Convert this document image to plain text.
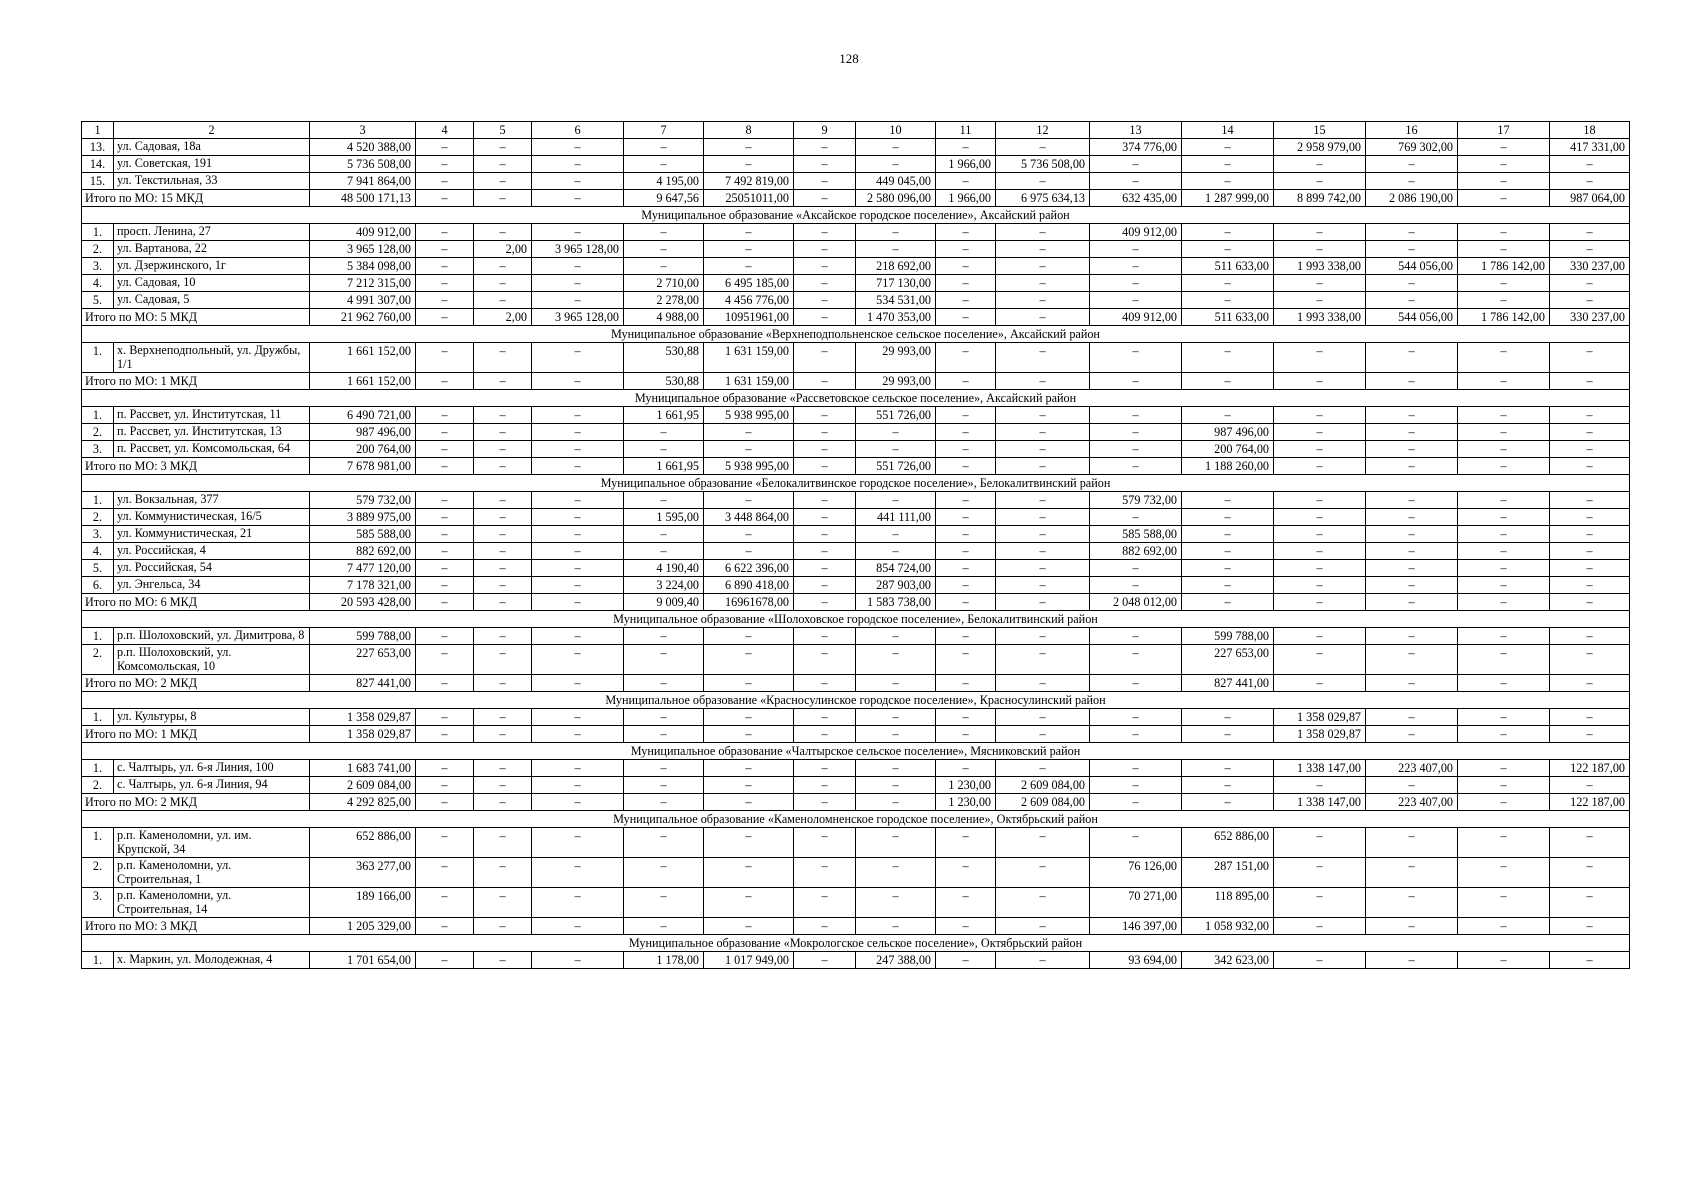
128
1	2	3	4	5	6	7	8	9	10	11	12	13	14	15	16	17	18
13.	ул. Садовая, 18а	4 520 388,00	–	–	–	–	–	–	–	–	–	374 776,00	–	2 958 979,00	769 302,00	–	417 331,00
14.	ул. Советская, 191	5 736 508,00	–	–	–	–	–	–	–	1 966,00	5 736 508,00	–	–	–	–	–	–
15.	ул. Текстильная, 33	7 941 864,00	–	–	–	4 195,00	7 492 819,00	–	449 045,00	–	–	–	–	–	–	–	–
Итого по МО: 15 МКД		48 500 171,13	–	–	–	9 647,56	25051011,00	–	2 580 096,00	1 966,00	6 975 634,13	632 435,00	1 287 999,00	8 899 742,00	2 086 190,00	–	987 064,00
Муниципальное образование «Аксайское городское поселение», Аксайский район																	
1.	просп. Ленина, 27	409 912,00	–	–	–	–	–	–	–	–	–	409 912,00	–	–	–	–	–
2.	ул. Вартанова, 22	3 965 128,00	–	2,00	3 965 128,00	–	–	–	–	–	–	–	–	–	–	–	–
3.	ул. Дзержинского, 1г	5 384 098,00	–	–	–	–	–	–	218 692,00	–	–	–	511 633,00	1 993 338,00	544 056,00	1 786 142,00	330 237,00
4.	ул. Садовая, 10	7 212 315,00	–	–	–	2 710,00	6 495 185,00	–	717 130,00	–	–	–	–	–	–	–	–
5.	ул. Садовая, 5	4 991 307,00	–	–	–	2 278,00	4 456 776,00	–	534 531,00	–	–	–	–	–	–	–	–
Итого по МО: 5 МКД		21 962 760,00	–	2,00	3 965 128,00	4 988,00	10951961,00	–	1 470 353,00	–	–	409 912,00	511 633,00	1 993 338,00	544 056,00	1 786 142,00	330 237,00
Муниципальное образование «Верхнеподпольненское сельское поселение», Аксайский район																	
1.	х. Верхнеподпольный, ул. Дружбы, 1/1	1 661 152,00	–	–	–	530,88	1 631 159,00	–	29 993,00	–	–	–	–	–	–	–	–
Итого по МО: 1 МКД		1 661 152,00	–	–	–	530,88	1 631 159,00	–	29 993,00	–	–	–	–	–	–	–	–
Муниципальное образование «Рассветовское сельское поселение», Аксайский район																	
1.	п. Рассвет, ул. Институтская, 11	6 490 721,00	–	–	–	1 661,95	5 938 995,00	–	551 726,00	–	–	–	–	–	–	–	–
2.	п. Рассвет, ул. Институтская, 13	987 496,00	–	–	–	–	–	–	–	–	–	–	987 496,00	–	–	–	–
3.	п. Рассвет, ул. Комсомольская, 64	200 764,00	–	–	–	–	–	–	–	–	–	–	200 764,00	–	–	–	–
Итого по МО: 3 МКД		7 678 981,00	–	–	–	1 661,95	5 938 995,00	–	551 726,00	–	–	–	1 188 260,00	–	–	–	–
Муниципальное образование «Белокалитвинское городское поселение», Белокалитвинский район																	
1.	ул. Вокзальная, 377	579 732,00	–	–	–	–	–	–	–	–	–	579 732,00	–	–	–	–	–
2.	ул. Коммунистическая, 16/5	3 889 975,00	–	–	–	1 595,00	3 448 864,00	–	441 111,00	–	–	–	–	–	–	–	–
3.	ул. Коммунистическая, 21	585 588,00	–	–	–	–	–	–	–	–	–	585 588,00	–	–	–	–	–
4.	ул. Российская, 4	882 692,00	–	–	–	–	–	–	–	–	–	882 692,00	–	–	–	–	–
5.	ул. Российская, 54	7 477 120,00	–	–	–	4 190,40	6 622 396,00	–	854 724,00	–	–	–	–	–	–	–	–
6.	ул. Энгельса, 34	7 178 321,00	–	–	–	3 224,00	6 890 418,00	–	287 903,00	–	–	–	–	–	–	–	–
Итого по МО: 6 МКД		20 593 428,00	–	–	–	9 009,40	16961678,00	–	1 583 738,00	–	–	2 048 012,00	–	–	–	–	–
Муниципальное образование «Шолоховское городское поселение», Белокалитвинский район																	
1.	р.п. Шолоховский, ул. Димитрова, 8	599 788,00	–	–	–	–	–	–	–	–	–	–	599 788,00	–	–	–	–
2.	р.п. Шолоховский, ул. Комсомольская, 10	227 653,00	–	–	–	–	–	–	–	–	–	–	227 653,00	–	–	–	–
Итого по МО: 2 МКД		827 441,00	–	–	–	–	–	–	–	–	–	–	827 441,00	–	–	–	–
Муниципальное образование «Красносулинское городское поселение», Красносулинский район																	
1.	ул. Культуры, 8	1 358 029,87	–	–	–	–	–	–	–	–	–	–	–	1 358 029,87	–	–	–
Итого по МО: 1 МКД		1 358 029,87	–	–	–	–	–	–	–	–	–	–	–	1 358 029,87	–	–	–
Муниципальное образование «Чалтырское сельское поселение», Мясниковский район																	
1.	с. Чалтырь, ул. 6-я Линия, 100	1 683 741,00	–	–	–	–	–	–	–	–	–	–	–	1 338 147,00	223 407,00	–	122 187,00
2.	с. Чалтырь, ул. 6-я Линия, 94	2 609 084,00	–	–	–	–	–	–	–	1 230,00	2 609 084,00	–	–	–	–	–	–
Итого по МО: 2 МКД		4 292 825,00	–	–	–	–	–	–	–	1 230,00	2 609 084,00	–	–	1 338 147,00	223 407,00	–	122 187,00
Муниципальное образование «Каменоломненское городское поселение», Октябрьский район																	
1.	р.п. Каменоломни, ул. им. Крупской, 34	652 886,00	–	–	–	–	–	–	–	–	–	–	652 886,00	–	–	–	–
2.	р.п. Каменоломни, ул. Строительная, 1	363 277,00	–	–	–	–	–	–	–	–	–	76 126,00	287 151,00	–	–	–	–
3.	р.п. Каменоломни, ул. Строительная, 14	189 166,00	–	–	–	–	–	–	–	–	–	70 271,00	118 895,00	–	–	–	–
Итого по МО: 3 МКД		1 205 329,00	–	–	–	–	–	–	–	–	–	146 397,00	1 058 932,00	–	–	–	–
Муниципальное образование «Мокрологское сельское поселение», Октябрьский район																	
1.	х. Маркин, ул. Молодежная, 4	1 701 654,00	–	–	–	1 178,00	1 017 949,00	–	247 388,00	–	–	93 694,00	342 623,00	–	–	–	–
